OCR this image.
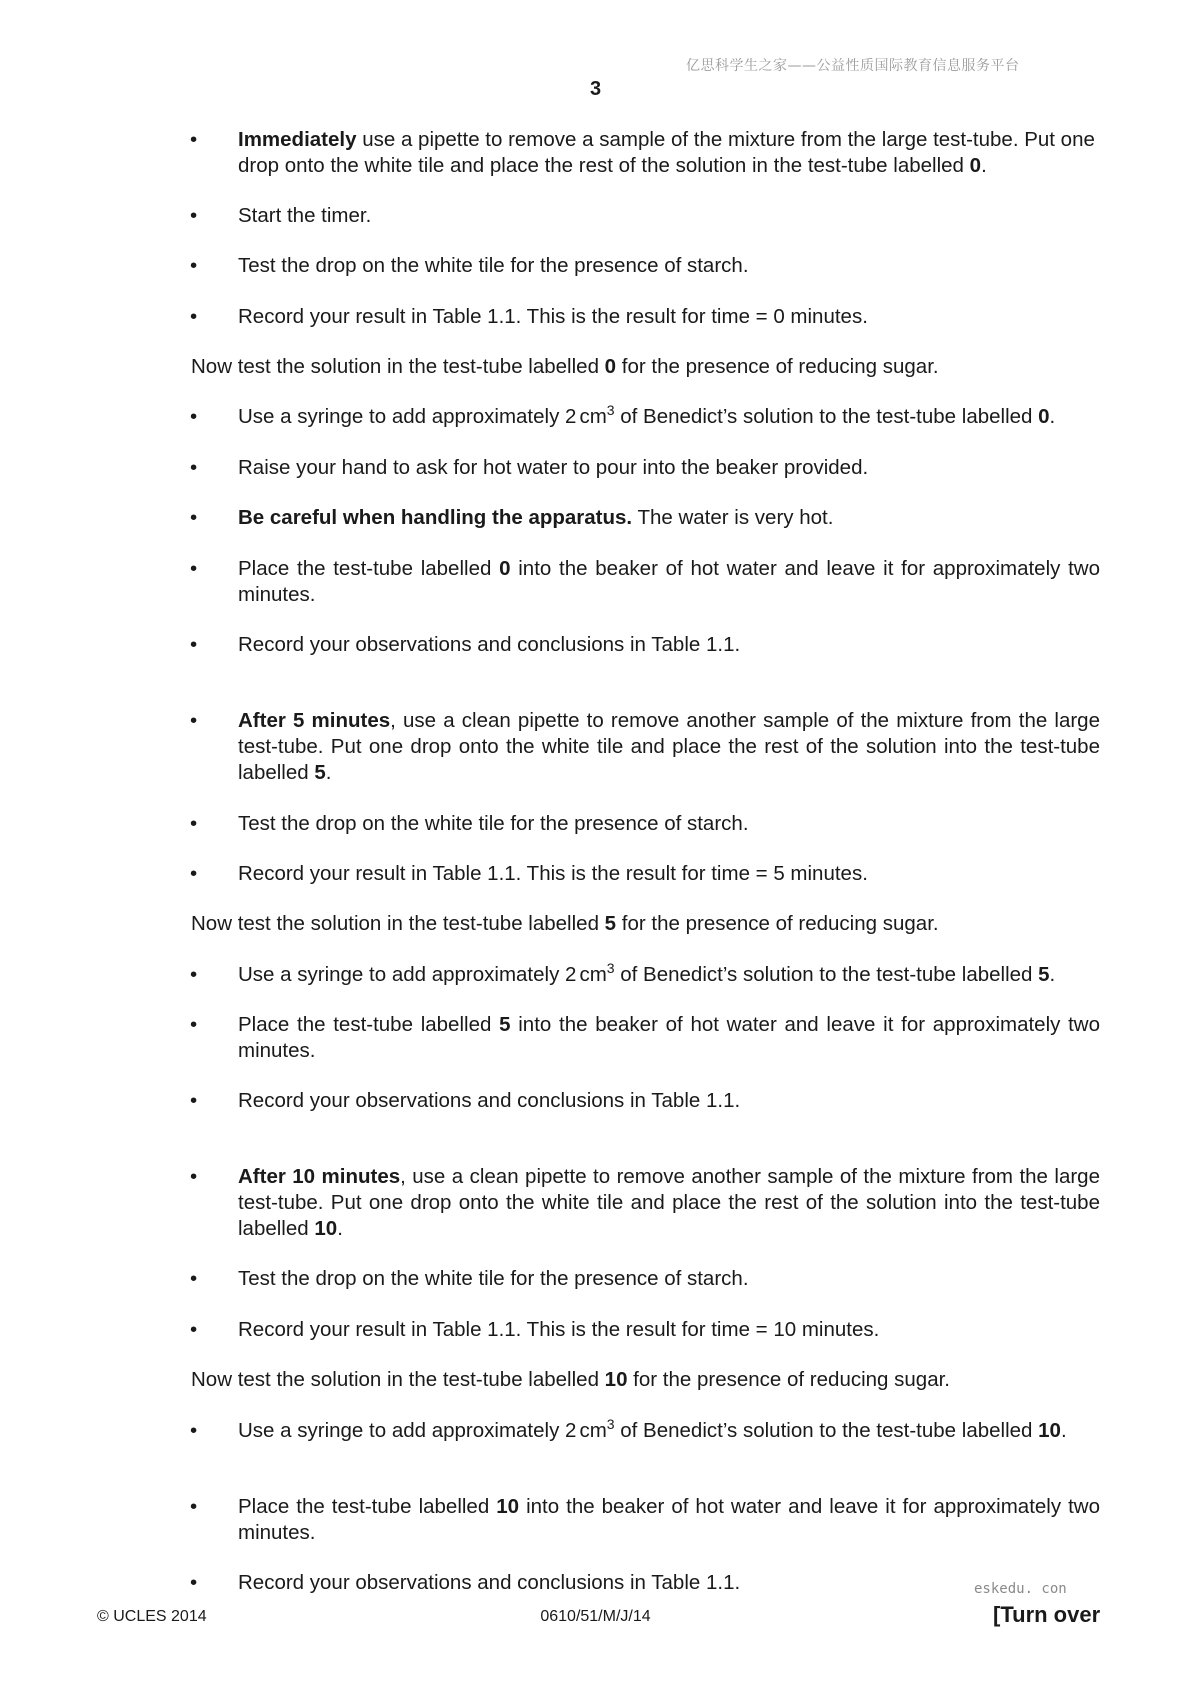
亿思科学生之家——公益性质国际教育信息服务平台
3
• Immediately use a pipette to remove a sample of the mixture from the large test-tube. Put one drop onto the white tile and place the rest of the solution in the test-tube labelled 0.
• Start the timer.
• Test the drop on the white tile for the presence of starch.
• Record your result in Table 1.1. This is the result for time = 0 minutes.
Now test the solution in the test-tube labelled 0 for the presence of reducing sugar.
• Use a syringe to add approximately 2 $cm^3$ of Benedict’s solution to the test-tube labelled 0.
• Raise your hand to ask for hot water to pour into the beaker provided.
• Be careful when handling the apparatus. The water is very hot.
• Place the test-tube labelled 0 into the beaker of hot water and leave it for approximately two minutes.
• Record your observations and conclusions in Table 1.1.
• After 5 minutes, use a clean pipette to remove another sample of the mixture from the large test-tube. Put one drop onto the white tile and place the rest of the solution into the test-tube labelled 5.
• Test the drop on the white tile for the presence of starch.
• Record your result in Table 1.1. This is the result for time = 5 minutes.
Now test the solution in the test-tube labelled 5 for the presence of reducing sugar.
• Use a syringe to add approximately 2 $cm^3$ of Benedict’s solution to the test-tube labelled 5.
• Place the test-tube labelled 5 into the beaker of hot water and leave it for approximately two minutes.
• Record your observations and conclusions in Table 1.1.
• After 10 minutes, use a clean pipette to remove another sample of the mixture from the large test-tube. Put one drop onto the white tile and place the rest of the solution into the test-tube labelled 10.
• Test the drop on the white tile for the presence of starch.
• Record your result in Table 1.1. This is the result for time = 10 minutes.
Now test the solution in the test-tube labelled 10 for the presence of reducing sugar.
• Use a syringe to add approximately 2 $cm^3$ of Benedict’s solution to the test-tube labelled 10.
• Place the test-tube labelled 10 into the beaker of hot water and leave it for approximately two minutes.
• Record your observations and conclusions in Table 1.1.	eskedu. con
© UCLES 2014	0610/51/M/J/14	[Turn over
